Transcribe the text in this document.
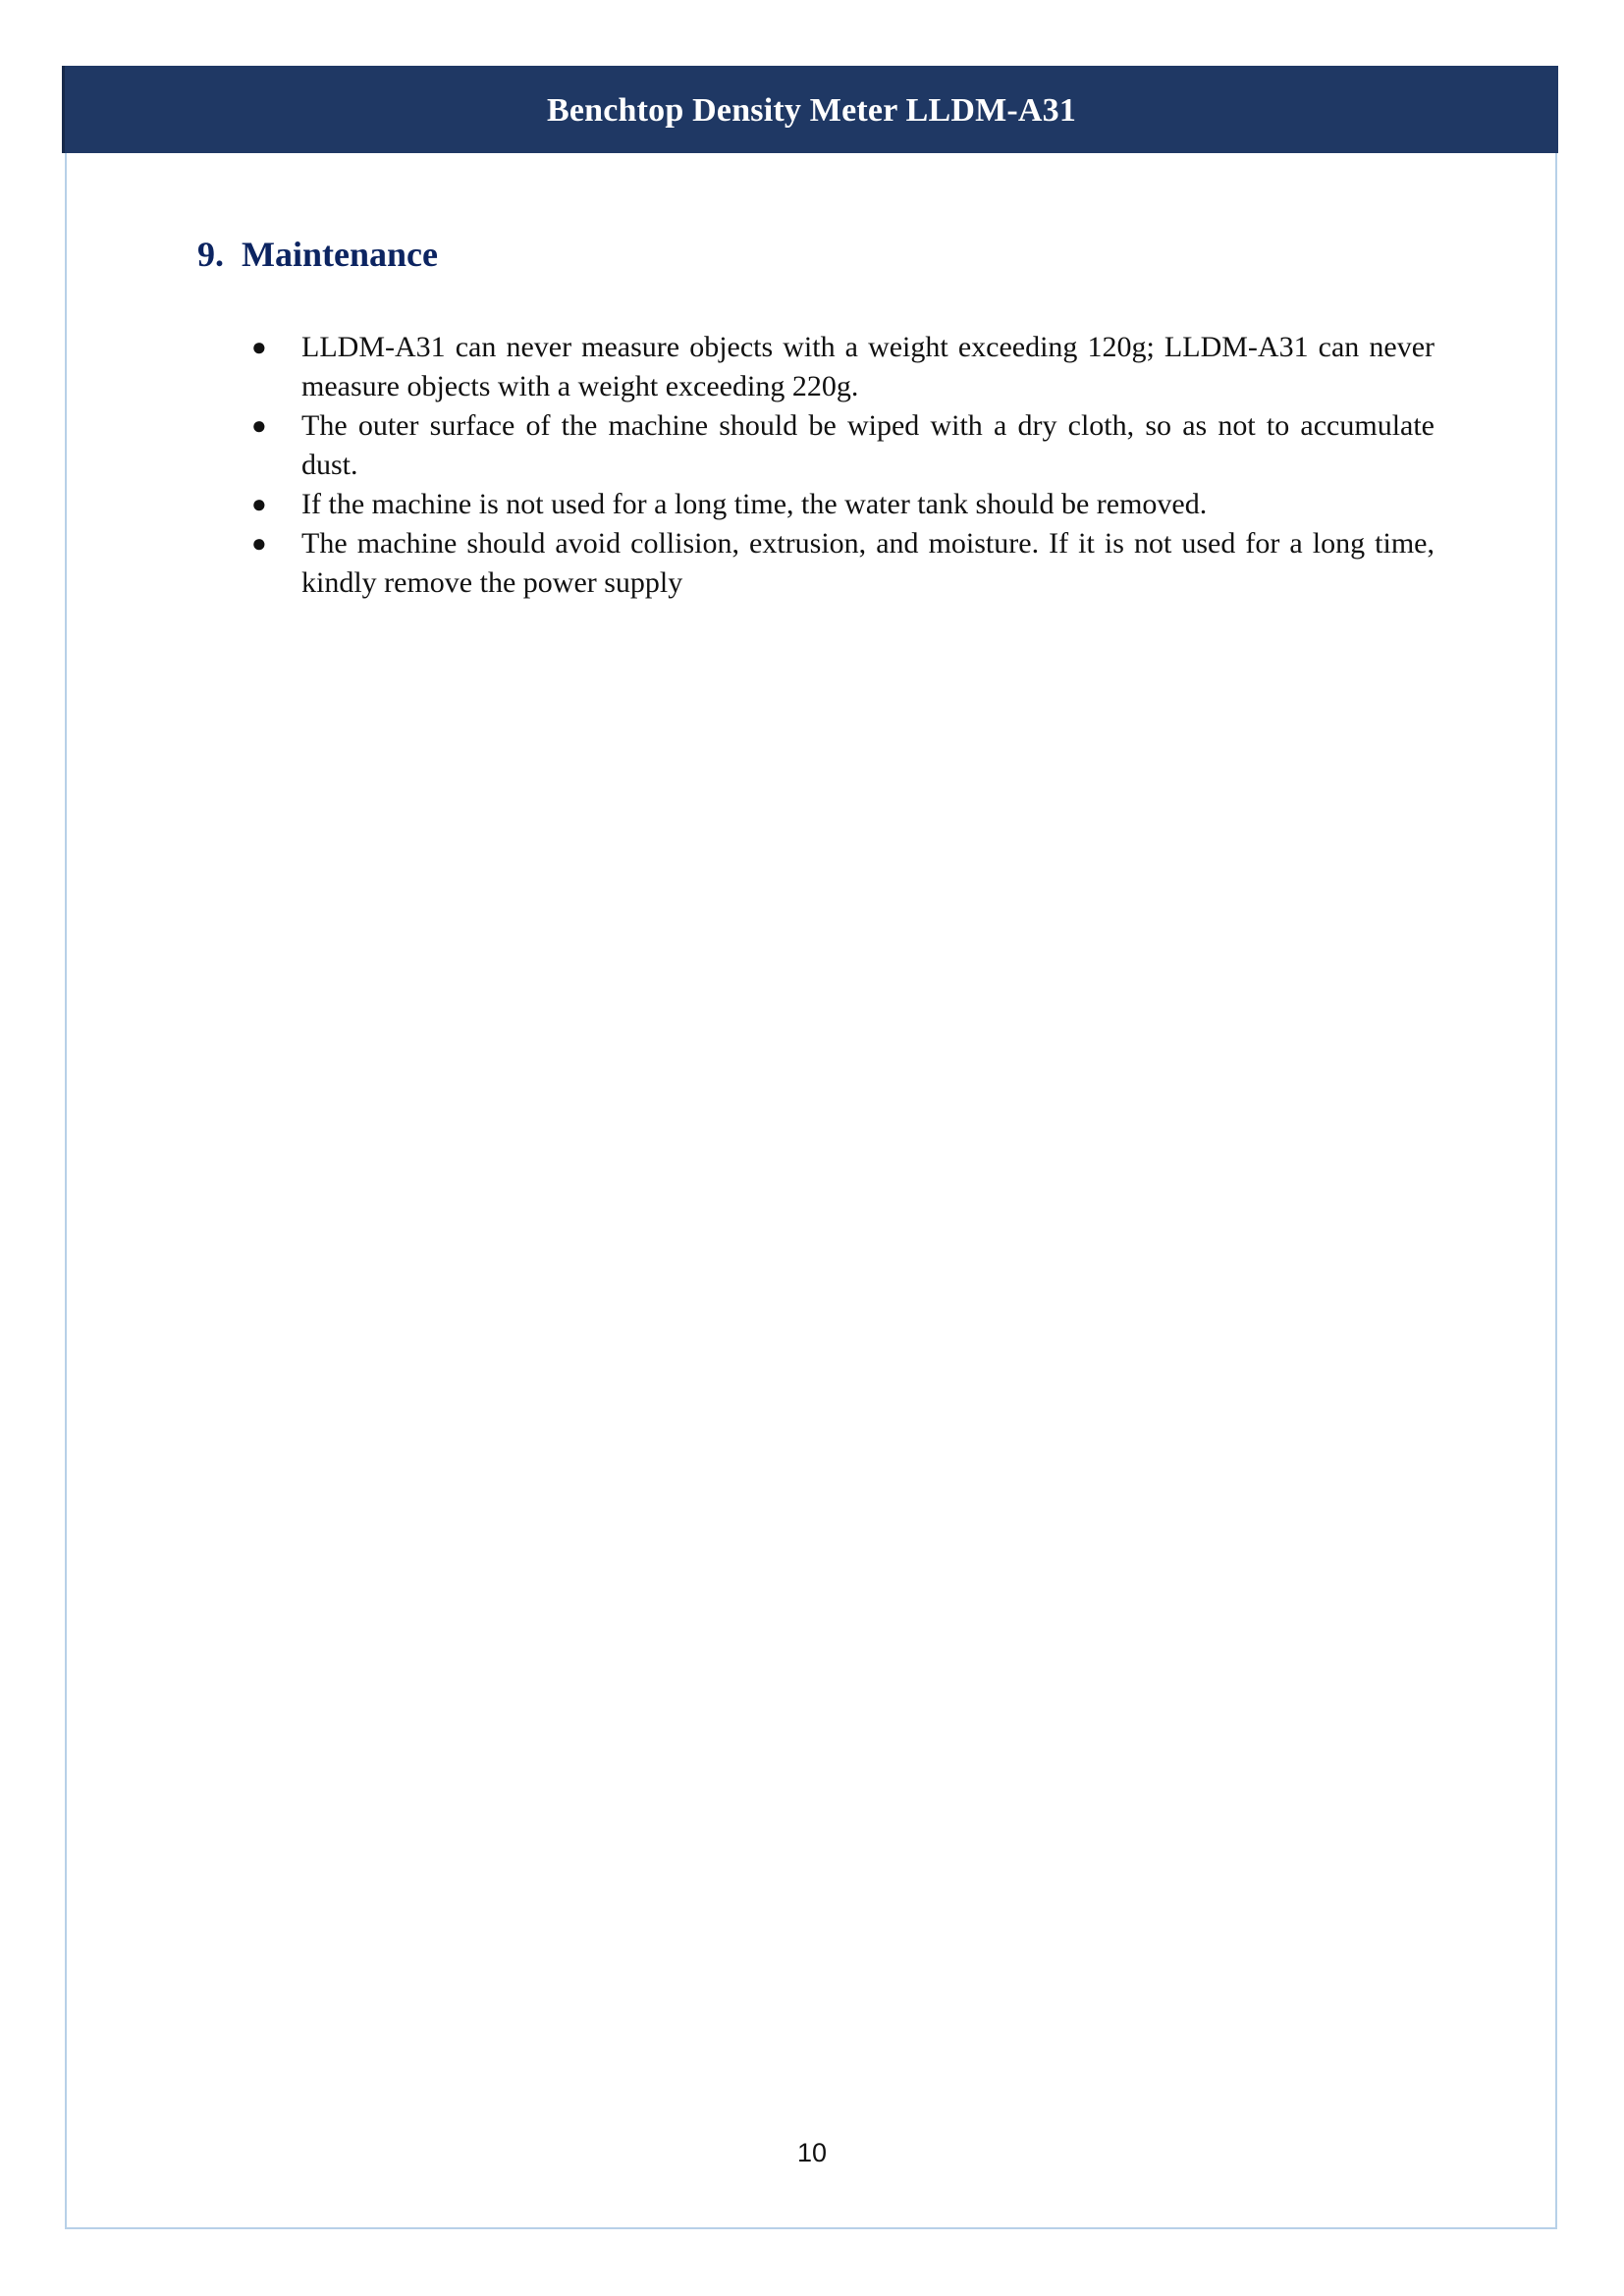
Benchtop Density Meter LLDM-A31
9. Maintenance
●	LLDM-A31 can never measure objects with a weight exceeding 120g; LLDM-A31 can never measure objects with a weight exceeding 220g.
●	The outer surface of the machine should be wiped with a dry cloth, so as not to accumulate dust.
●	If the machine is not used for a long time, the water tank should be removed.
●	The machine should avoid collision, extrusion, and moisture. If it is not used for a long time, kindly remove the power supply
10
